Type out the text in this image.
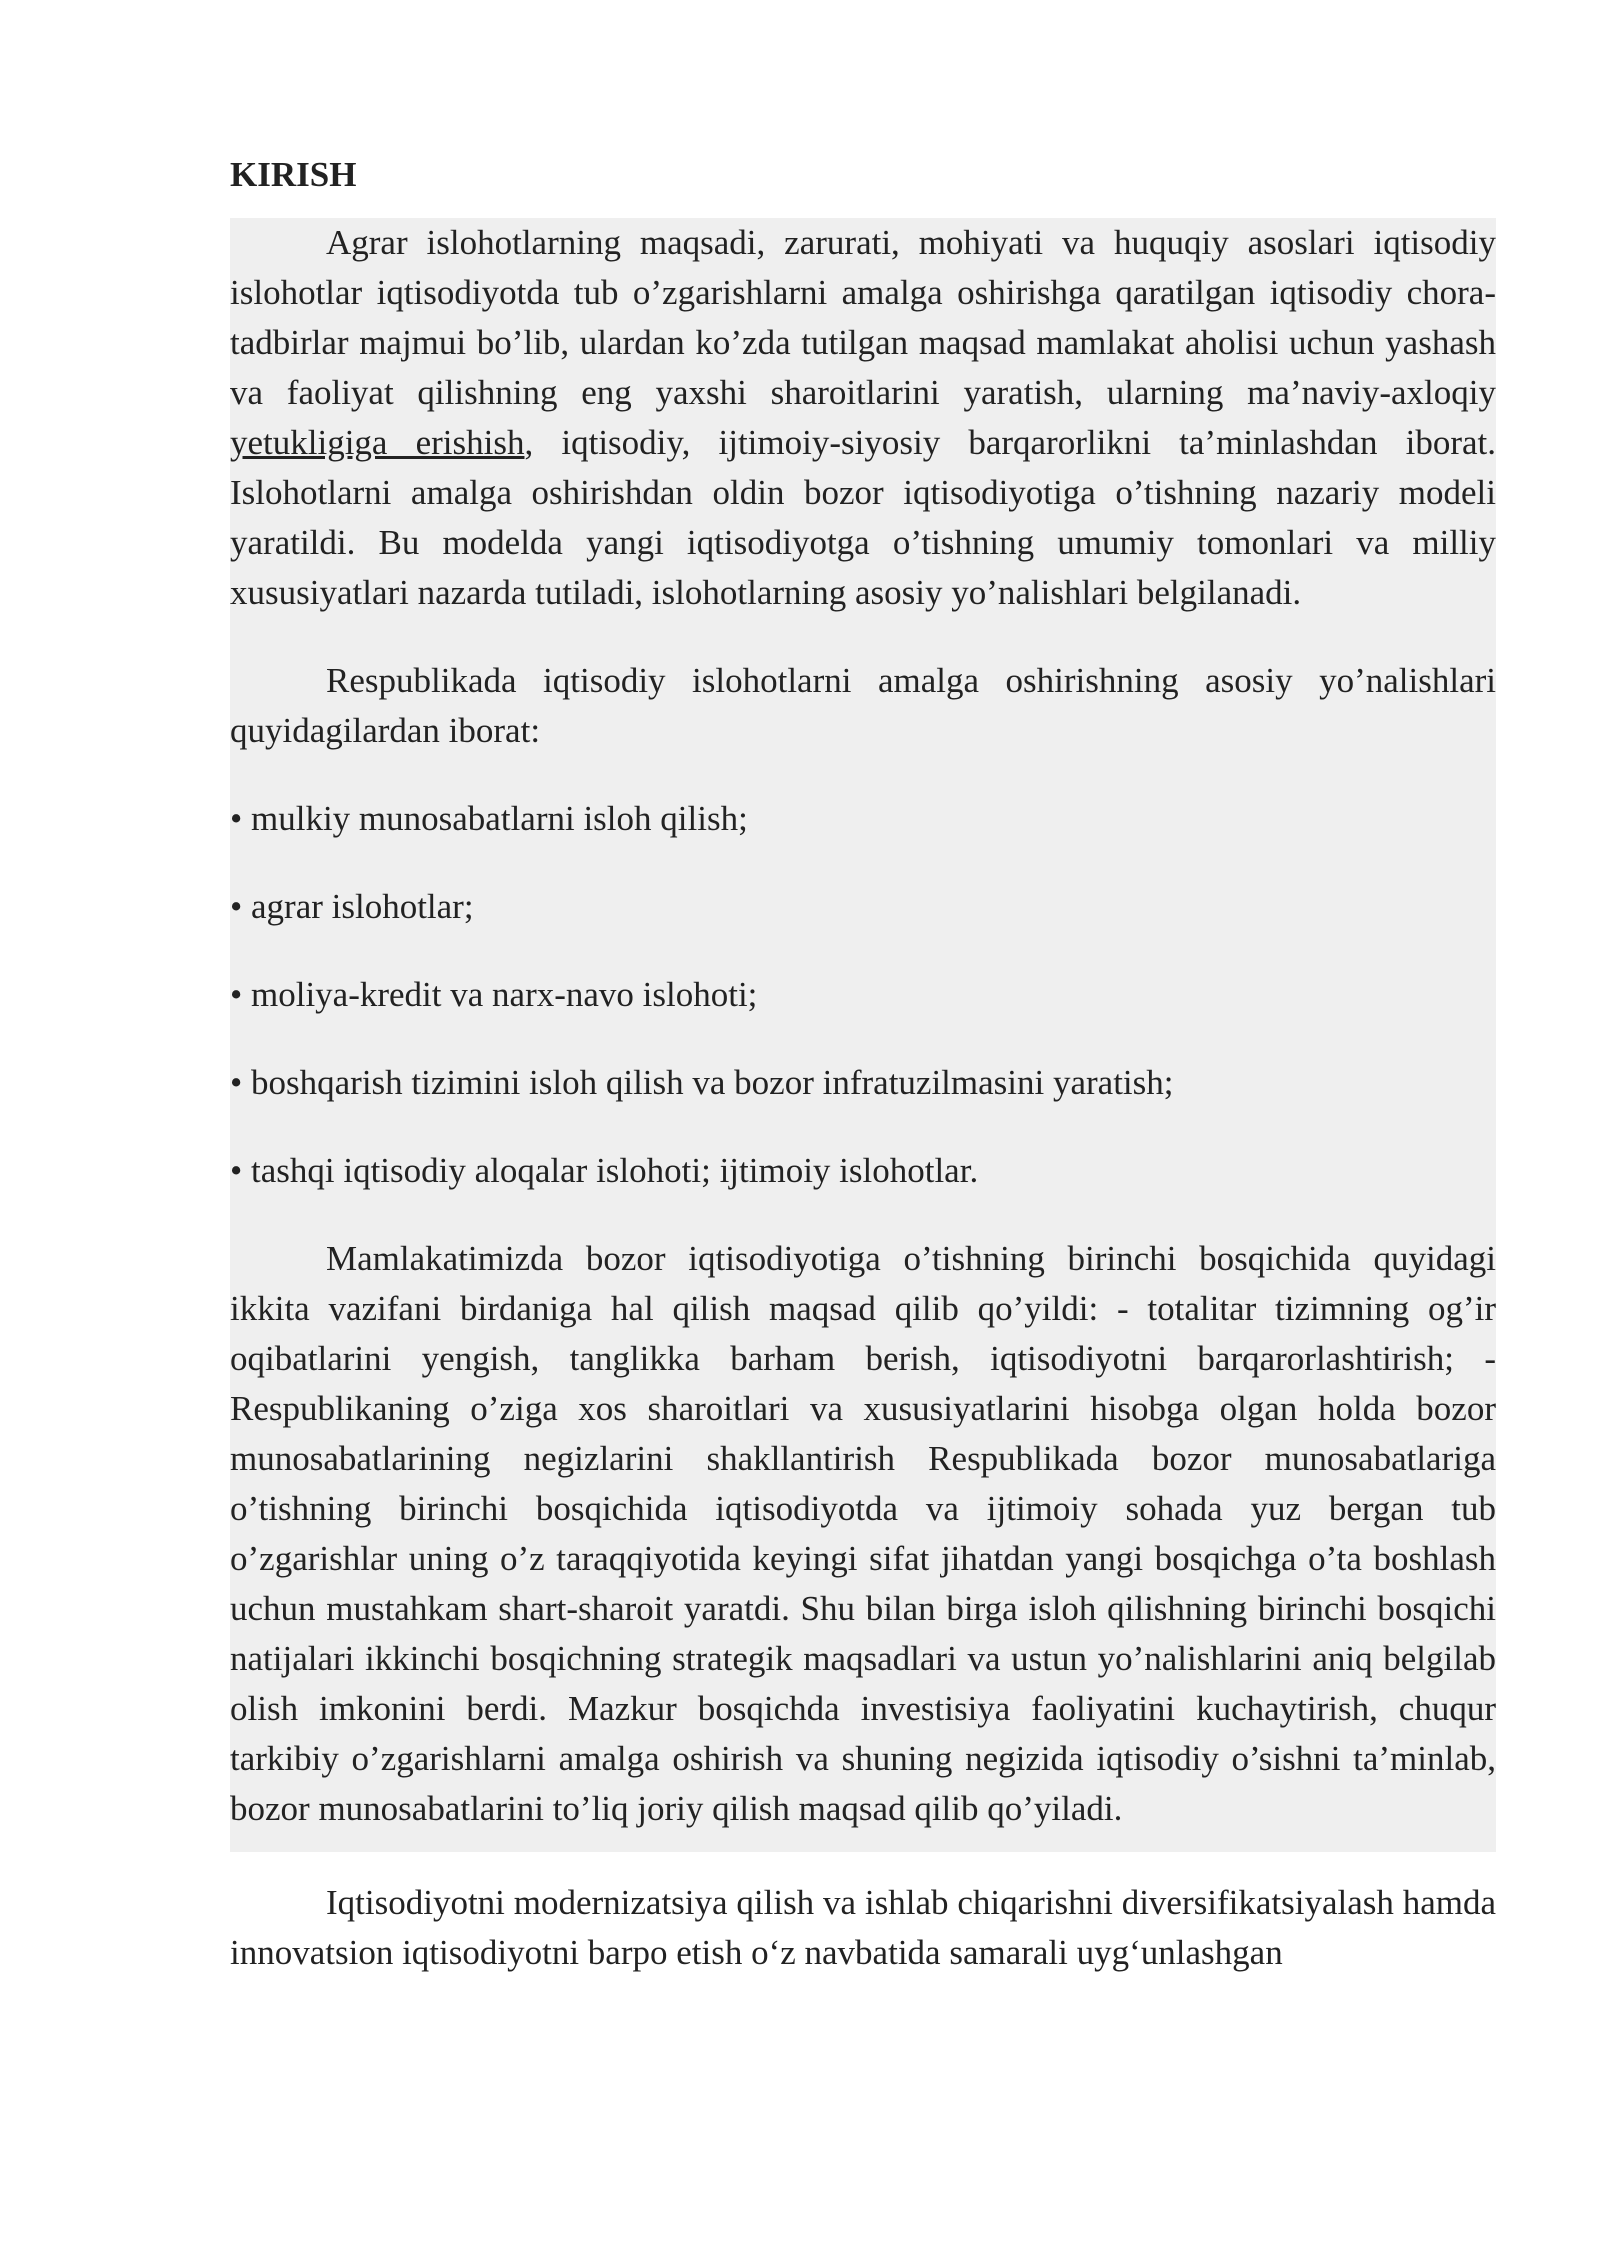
KIRISH

Agrar islohotlarning maqsadi, zarurati, mohiyati va huquqiy asoslari iqtisodiy islohotlar iqtisodiyotda tub o’zgarishlarni amalga oshirishga qaratilgan iqtisodiy chora-tadbirlar majmui bo’lib, ulardan ko’zda tutilgan maqsad mamlakat aholisi uchun yashash va faoliyat qilishning eng yaxshi sharoitlarini yaratish, ularning ma’naviy-axloqiy yetukligiga erishish, iqtisodiy, ijtimoiy-siyosiy barqarorlikni ta’minlashdan iborat. Islohotlarni amalga oshirishdan oldin bozor iqtisodiyotiga o’tishning nazariy modeli yaratildi. Bu modelda yangi iqtisodiyotga o’tishning umumiy tomonlari va milliy xususiyatlari nazarda tutiladi, islohotlarning asosiy yo’nalishlari belgilanadi.

Respublikada iqtisodiy islohotlarni amalga oshirishning asosiy yo’nalishlari quyidagilardan iborat:

• mulkiy munosabatlarni isloh qilish;

• agrar islohotlar;

• moliya-kredit va narx-navo islohoti;

• boshqarish tizimini isloh qilish va bozor infratuzilmasini yaratish;

• tashqi iqtisodiy aloqalar islohoti; ijtimoiy islohotlar.

Mamlakatimizda bozor iqtisodiyotiga o’tishning birinchi bosqichida quyidagi ikkita vazifani birdaniga hal qilish maqsad qilib qo’yildi: - totalitar tizimning og’ir oqibatlarini yengish, tanglikka barham berish, iqtisodiyotni barqarorlashtirish; - Respublikaning o’ziga xos sharoitlari va xususiyatlarini hisobga olgan holda bozor munosabatlarining negizlarini shakllantirish Respublikada bozor munosabatlariga o’tishning birinchi bosqichida iqtisodiyotda va ijtimoiy sohada yuz bergan tub o’zgarishlar uning o’z taraqqiyotida keyingi sifat jihatdan yangi bosqichga o’ta boshlash uchun mustahkam shart-sharoit yaratdi. Shu bilan birga isloh qilishning birinchi bosqichi natijalari ikkinchi bosqichning strategik maqsadlari va ustun yo’nalishlarini aniq belgilab olish imkonini berdi. Mazkur bosqichda investisiya faoliyatini kuchaytirish, chuqur tarkibiy o’zgarishlarni amalga oshirish va shuning negizida iqtisodiy o’sishni ta’minlab, bozor munosabatlarini to’liq joriy qilish maqsad qilib qo’yiladi.

Iqtisodiyotni modernizatsiya qilish va ishlab chiqarishni diversifikatsiyalash hamda innovatsion iqtisodiyotni barpo etish o‘z navbatida samarali uyg‘unlashgan
